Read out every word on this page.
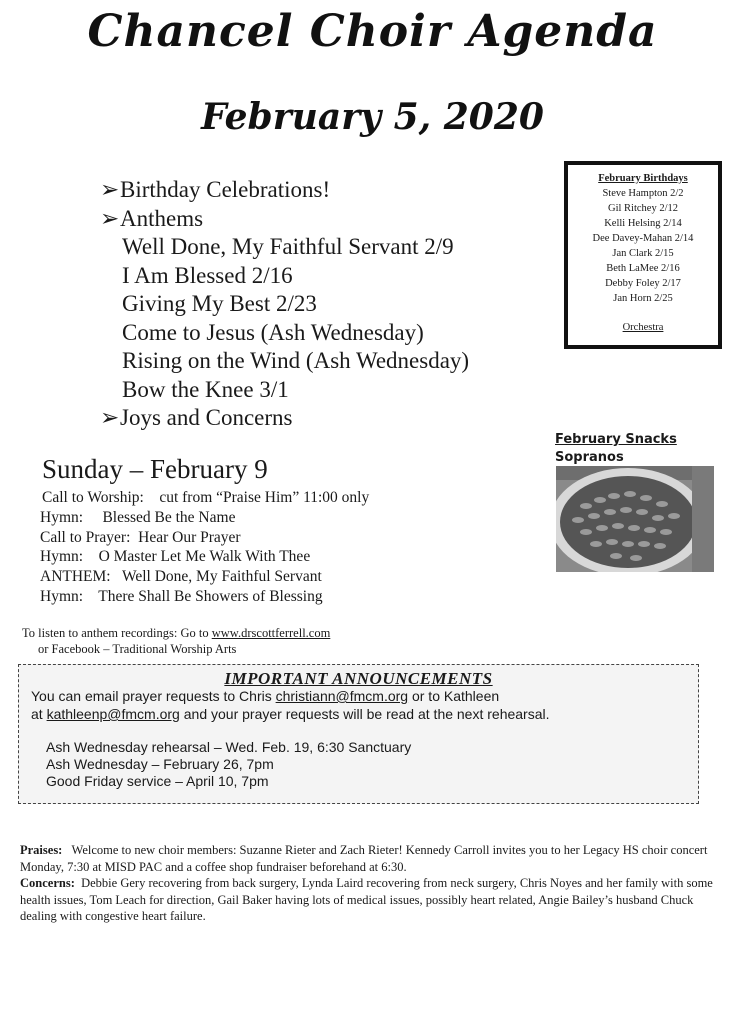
Chancel Choir Agenda
February 5, 2020
➢Birthday Celebrations!
➢Anthems
Well Done, My Faithful Servant 2/9
I Am Blessed 2/16
Giving My Best 2/23
Come to Jesus (Ash Wednesday)
Rising on the Wind (Ash Wednesday)
Bow the Knee 3/1
➢Joys and Concerns
February Birthdays
Steve Hampton 2/2
Gil Ritchey 2/12
Kelli Helsing 2/14
Dee Davey-Mahan 2/14
Jan Clark 2/15
Beth LaMee 2/16
Debby Foley 2/17
Jan Horn 2/25
Orchestra
February Snacks
Sopranos
Sunday – February 9
Call to Worship: cut from “Praise Him” 11:00 only
Hymn: Blessed Be the Name
Call to Prayer: Hear Our Prayer
Hymn: O Master Let Me Walk With Thee
ANTHEM: Well Done, My Faithful Servant
Hymn: There Shall Be Showers of Blessing
To listen to anthem recordings: Go to www.drscottferrell.com
or Facebook – Traditional Worship Arts
IMPORTANT ANNOUNCEMENTS
You can email prayer requests to Chris christiann@fmcm.org or to Kathleen
at kathleenp@fmcm.org and your prayer requests will be read at the next rehearsal.
Ash Wednesday rehearsal – Wed. Feb. 19, 6:30 Sanctuary
Ash Wednesday – February 26, 7pm
Good Friday service – April 10, 7pm
Praises: Welcome to new choir members: Suzanne Rieter and Zach Rieter! Kennedy Carroll invites you to her Legacy HS choir concert Monday, 7:30 at MISD PAC and a coffee shop fundraiser beforehand at 6:30.
Concerns: Debbie Gery recovering from back surgery, Lynda Laird recovering from neck surgery, Chris Noyes and her family with some health issues, Tom Leach for direction, Gail Baker having lots of medical issues, possibly heart related, Angie Bailey’s husband Chuck dealing with congestive heart failure.
